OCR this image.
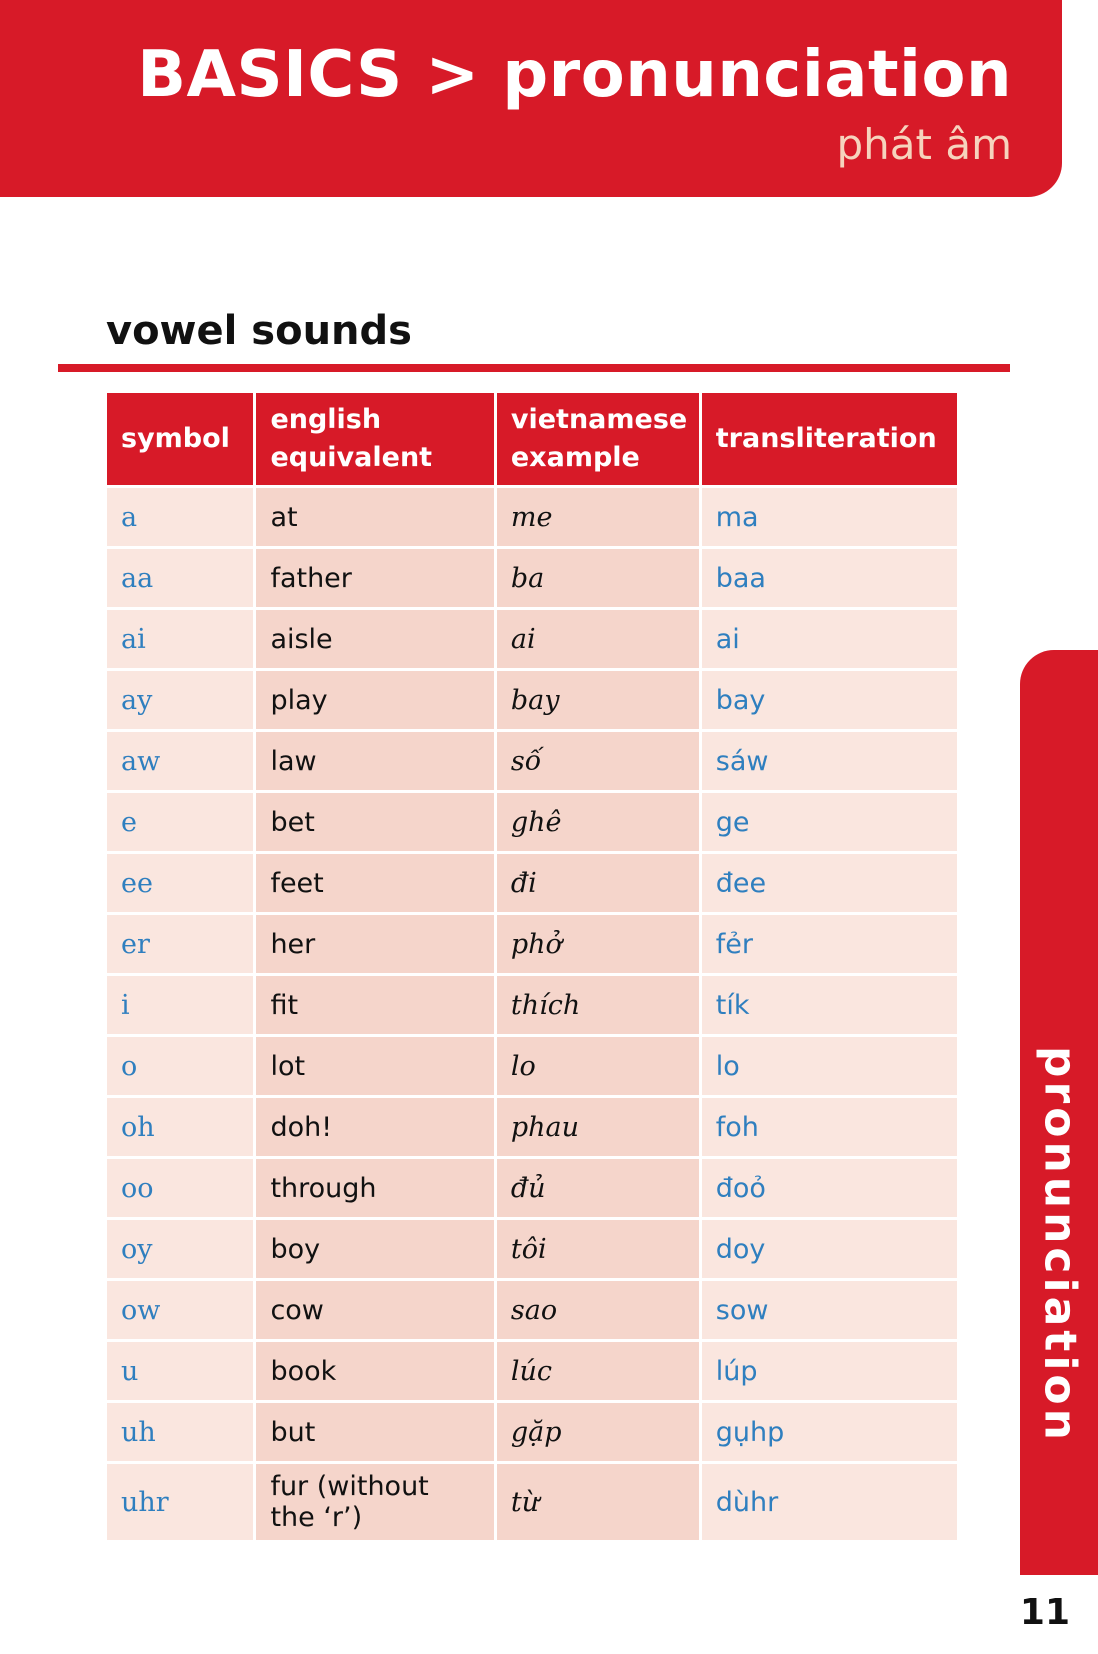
BASICS > pronunciation
phát âm
vowel sounds
symbol	english equivalent	vietnamese example	transliteration
a	at	me	ma
aa	father	ba	baa
ai	aisle	ai	ai
ay	play	bay	bay
aw	law	số	sáw
e	bet	ghê	ge
ee	feet	đi	đee
er	her	phở	fẻr
i	fit	thích	tík
o	lot	lo	lo
oh	doh!	phau	foh
oo	through	đủ	đoỏ
oy	boy	tôi	doy
ow	cow	sao	sow
u	book	lúc	lúp
uh	but	gặp	gụhp
uhr	fur (without the ‘r’)	từ	dùhr
pronunciation
11
